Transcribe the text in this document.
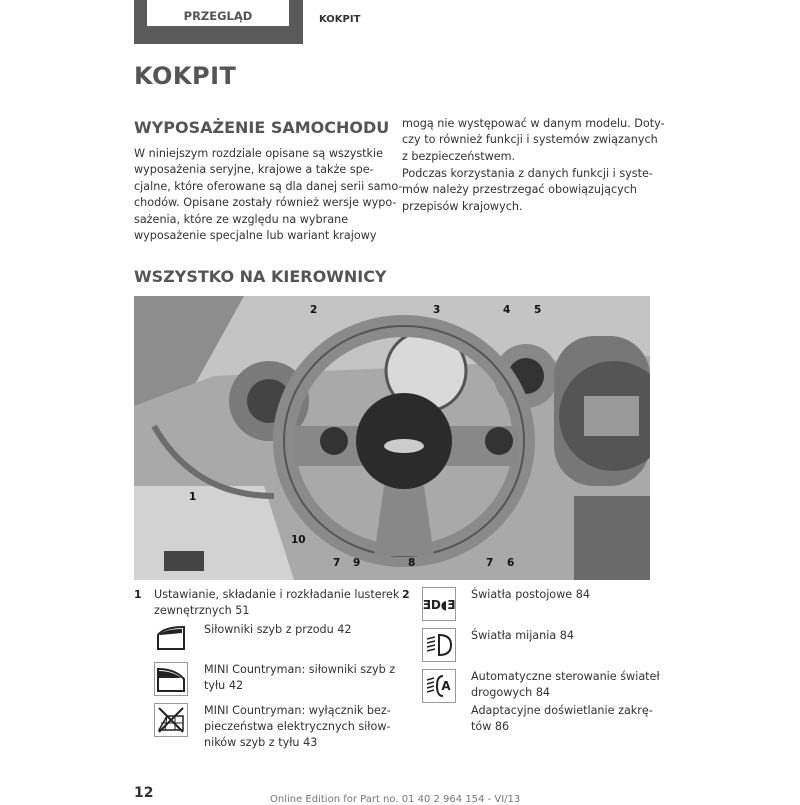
PRZEGLĄD	KOKPIT
KOKPIT
WYPOSAŻENIE SAMOCHODU
W niniejszym rozdziale opisane są wszystkie
wyposażenia seryjne, krajowe a także spe-
cjalne, które oferowane są dla danej serii samo-
chodów. Opisane zostały również wersje wypo-
sażenia, które ze względu na wybrane
wyposażenie specjalne lub wariant krajowy
mogą nie występować w danym modelu. Doty-
czy to również funkcji i systemów związanych
z bezpieczeństwem.
Podczas korzystania z danych funkcji i syste-
mów należy przestrzegać obowiązujących
przepisów krajowych.
WSZYSTKO NA KIEROWNICY
2	3	4 5
1
10
7 9	8	7 6
1 Ustawianie, składanie i rozkładanie lusterek
zewnętrznych 51
Siłowniki szyb z przodu 42
MINI Countryman: siłowniki szyb z
tyłu 42
MINI Countryman: wyłącznik bez-
pieczeństwa elektrycznych siłow-
ników szyb z tyłu 43
2
ƎD◖Ǝ
Światła postojowe 84
Światła mijania 84
A
Automatyczne sterowanie świateł
drogowych 84
Adaptacyjne doświetlanie zakrę-
tów 86
12	Online Edition for Part no. 01 40 2 964 154 - VI/13
